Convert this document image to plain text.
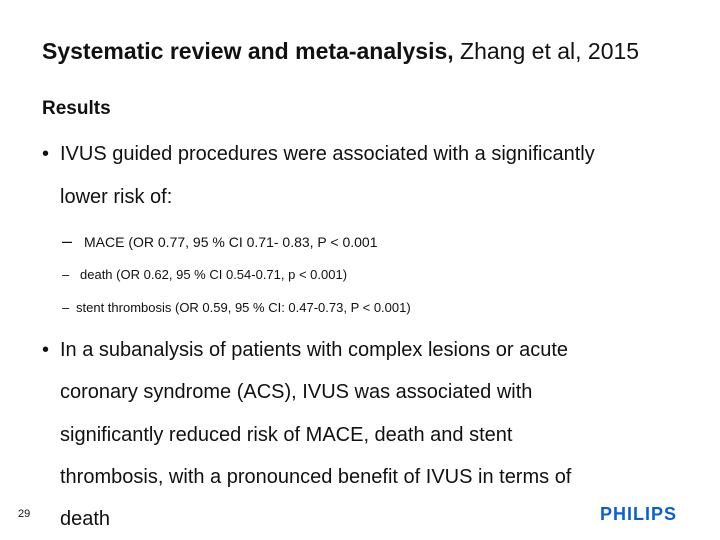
Systematic review and meta-analysis, Zhang et al, 2015
Results
• IVUS guided procedures were associated with a significantly
lower risk of:
– MACE (OR 0.77, 95 % CI 0.71- 0.83, P < 0.001
– death (OR 0.62, 95 % CI 0.54-0.71, p < 0.001)
– stent thrombosis (OR 0.59, 95 % CI: 0.47-0.73, P < 0.001)
• In a subanalysis of patients with complex lesions or acute
coronary syndrome (ACS), IVUS was associated with
significantly reduced risk of MACE, death and stent
thrombosis, with a pronounced benefit of IVUS in terms of
death
29	PHILIPS
